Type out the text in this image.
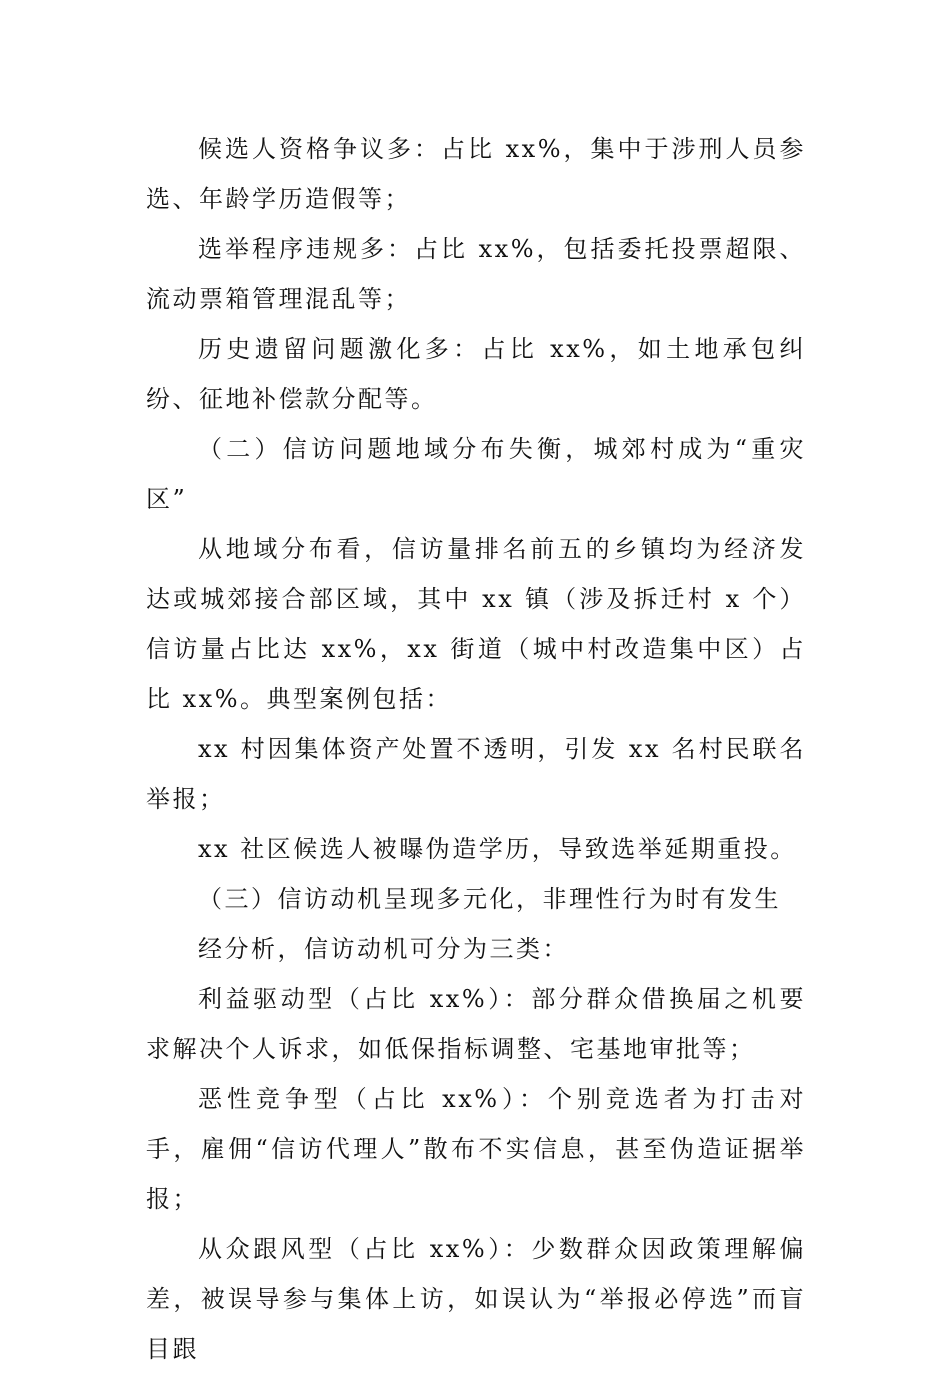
候选人资格争议多：占比 xx%，集中于涉刑人员参选、年龄学历造假等；

选举程序违规多：占比 xx%，包括委托投票超限、流动票箱管理混乱等；

历史遗留问题激化多：占比 xx%，如土地承包纠纷、征地补偿款分配等。

（二）信访问题地域分布失衡，城郊村成为“重灾区”

从地域分布看，信访量排名前五的乡镇均为经济发达或城郊接合部区域，其中 xx 镇（涉及拆迁村 x 个）信访量占比达 xx%，xx 街道（城中村改造集中区）占比 xx%。典型案例包括：

xx 村因集体资产处置不透明，引发 xx 名村民联名举报；

xx 社区候选人被曝伪造学历，导致选举延期重投。

（三）信访动机呈现多元化，非理性行为时有发生

经分析，信访动机可分为三类：

利益驱动型（占比 xx%）：部分群众借换届之机要求解决个人诉求，如低保指标调整、宅基地审批等；

恶性竞争型（占比 xx%）：个别竞选者为打击对手，雇佣“信访代理人”散布不实信息，甚至伪造证据举报；

从众跟风型（占比 xx%）：少数群众因政策理解偏差，被误导参与集体上访，如误认为“举报必停选”而盲目跟
